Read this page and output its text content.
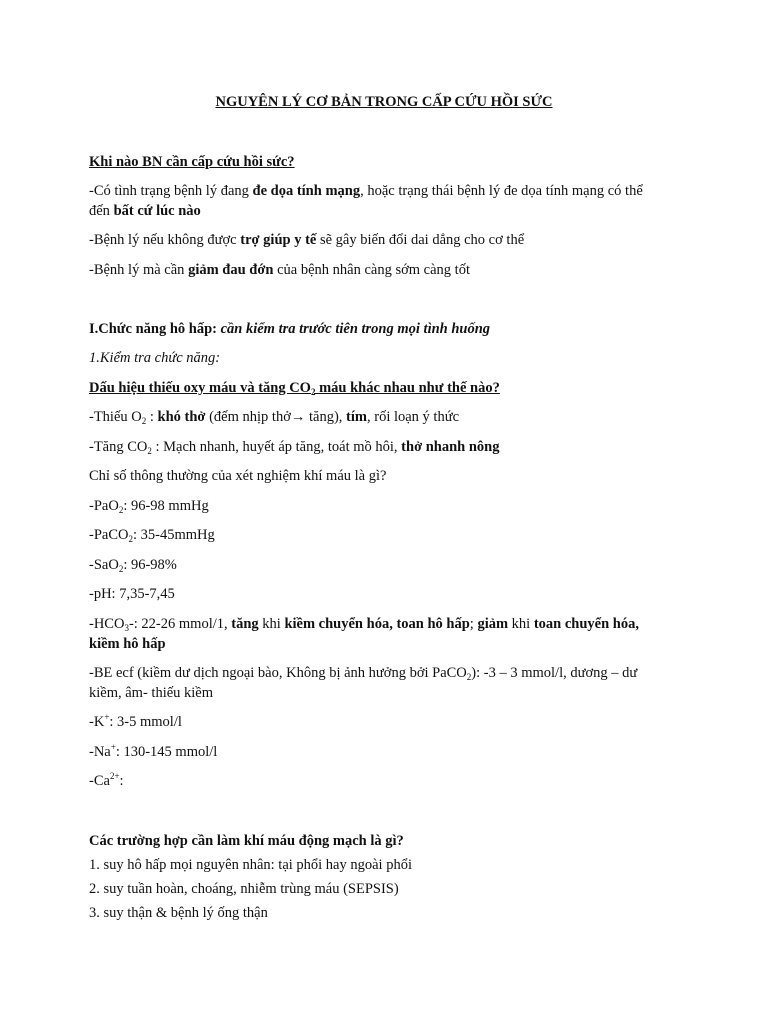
NGUYÊN LÝ CƠ BẢN TRONG CẤP CỨU HỒI SỨC
Khi nào BN cần cấp cứu hồi sức?
-Có tình trạng bệnh lý đang đe dọa tính mạng, hoặc trạng thái bệnh lý đe dọa tính mạng có thể
đến bất cứ lúc nào
-Bệnh lý nếu không được trợ giúp y tế sẽ gây biến đổi dai dẳng cho cơ thể
-Bệnh lý mà cần giảm đau đớn của bệnh nhân càng sớm càng tốt
I.Chức năng hô hấp: cần kiểm tra trước tiên trong mọi tình huống
1.Kiểm tra chức năng:
Dấu hiệu thiếu oxy máu và tăng $CO_2$ máu khác nhau như thế nào?
-Thiếu $O_2$ : khó thở (đếm nhịp thở→ tăng), tím, rối loạn ý thức
-Tăng $CO_2$ : Mạch nhanh, huyết áp tăng, toát mồ hôi, thở nhanh nông
Chỉ số thông thường của xét nghiệm khí máu là gì?
-PaO$_2$: 96-98 mmHg
-PaCO$_2$: 35-45mmHg
-SaO$_2$: 96-98%
-pH: 7,35-7,45
$-HCO_3-$: 22-26 mmol/1, tăng khi kiềm chuyển hóa, toan hô hấp; giảm khi toan chuyển hóa,
kiềm hô hấp
-BE ecf (kiềm dư dịch ngoại bào, Không bị ảnh hưởng bởi PaCO$_2$): -3 – 3 mmol/l, dương – dư
kiềm, âm- thiếu kiềm
-K+: 3-5 mmol/l
-Na+: 130-145 mmol/l
$-Ca^{2+}$:
Các trường hợp cần làm khí máu động mạch là gì?
1. suy hô hấp mọi nguyên nhân: tại phổi hay ngoài phổi
2. suy tuần hoàn, choáng, nhiễm trùng máu (SEPSIS)
3. suy thận & bệnh lý ống thận
